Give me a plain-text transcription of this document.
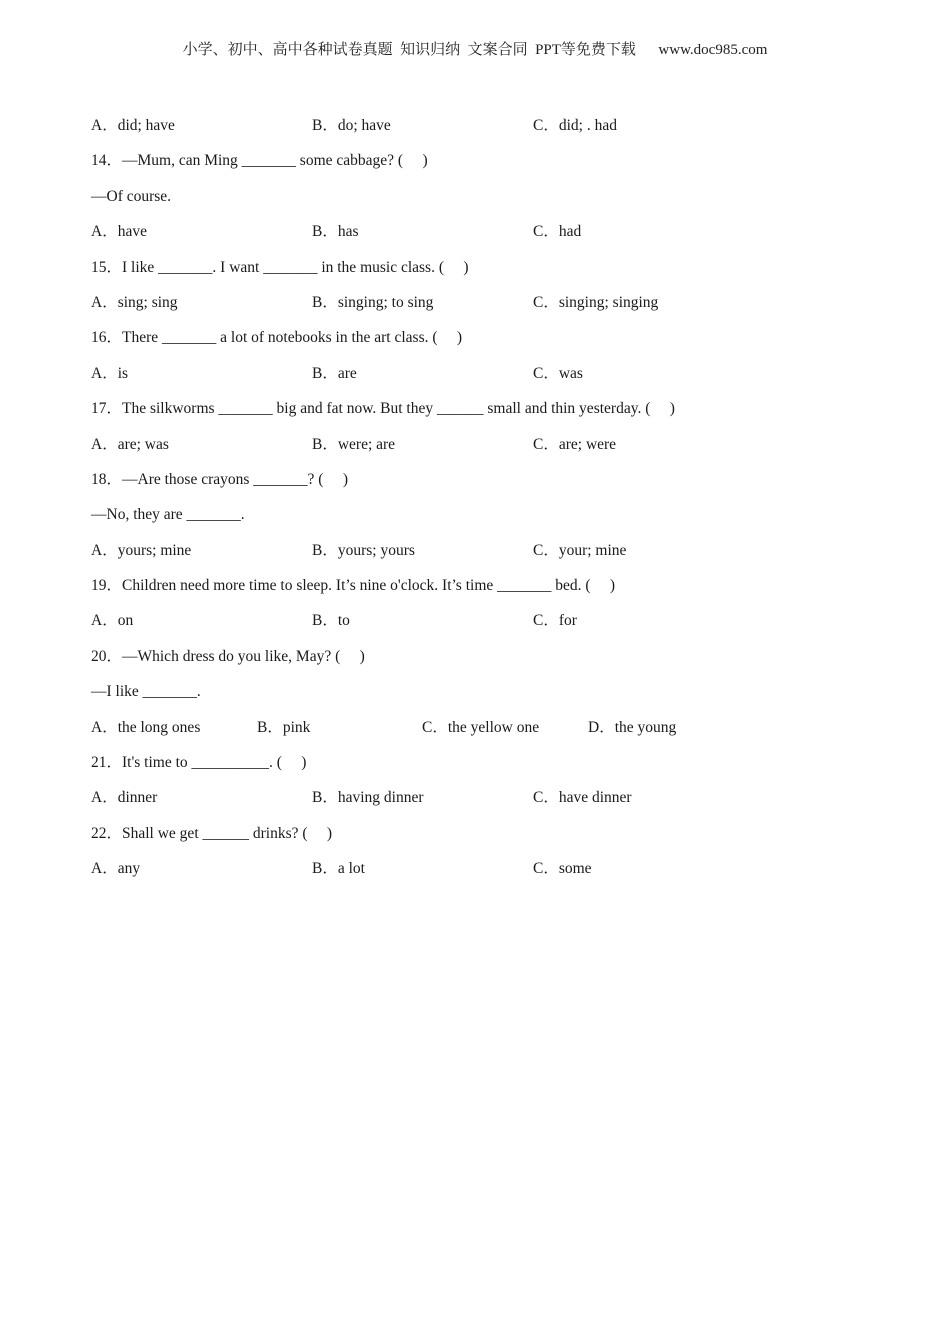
小学、初中、高中各种试卷真题  知识归纳  文案合同  PPT等免费下载      www.doc985.com
A．did; have	B．do; have	C．did; . had
14．—Mum, can Ming _______ some cabbage? (     )
—Of course.
A．have	B．has	C．had
15．I like _______. I want _______ in the music class. (     )
A．sing; sing	B．singing; to sing	C．singing; singing
16．There _______ a lot of notebooks in the art class. (     )
A．is	B．are	C．was
17．The silkworms _______ big and fat now. But they ______ small and thin yesterday. (     )
A．are; was	B．were; are	C．are; were
18．—Are those crayons _______? (     )
—No, they are _______.
A．yours; mine	B．yours; yours	C．your; mine
19．Children need more time to sleep. It’s nine o'clock. It’s time _______ bed. (     )
A．on	B．to	C．for
20．—Which dress do you like, May? (     )
—I like _______.
A．the long ones	B．pink	C．the yellow one	D．the young
21．It's time to __________. (     )
A．dinner	B．having dinner	C．have dinner
22．Shall we get ______ drinks? (     )
A．any	B．a lot	C．some
